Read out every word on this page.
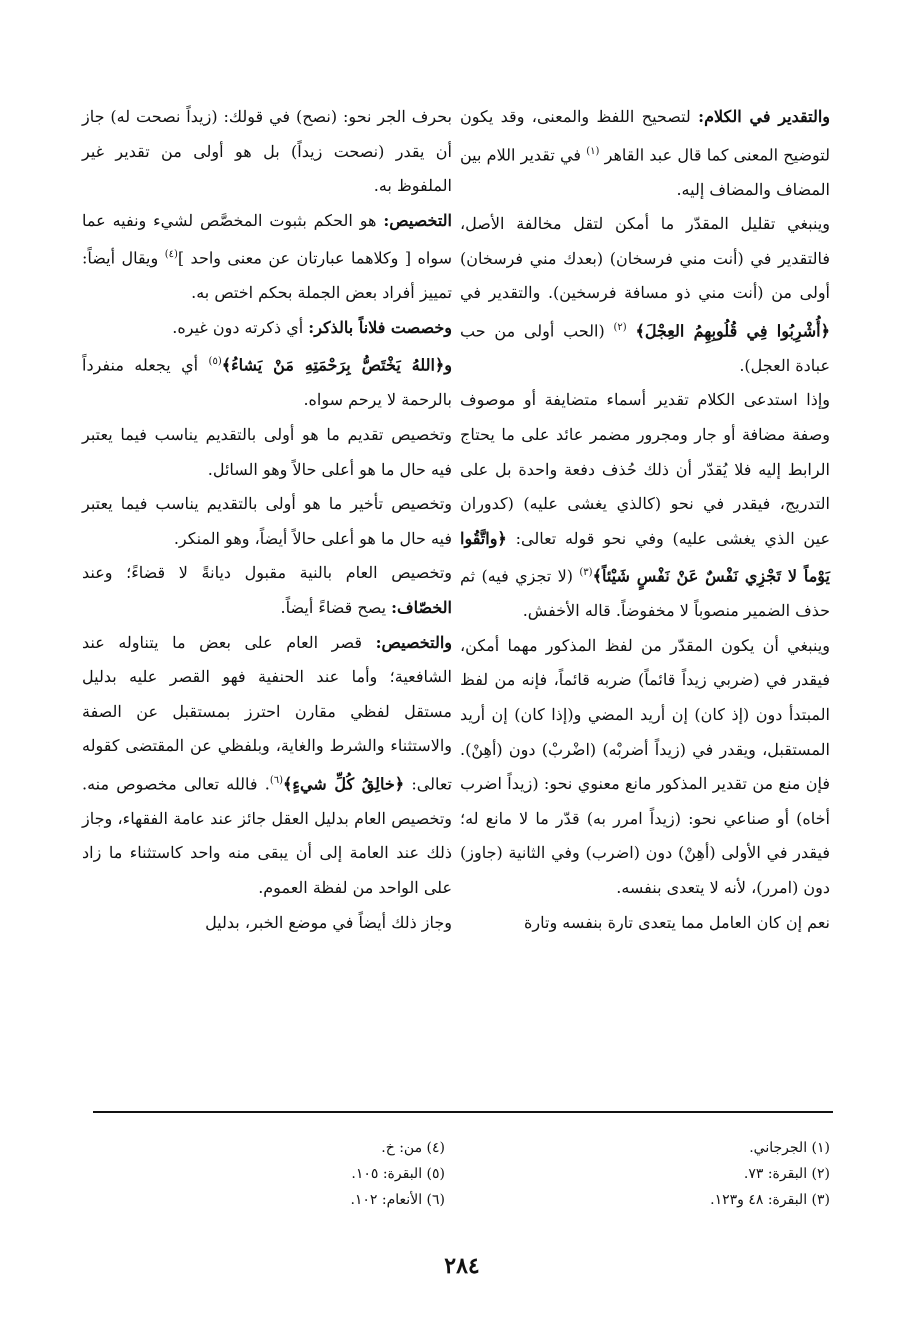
والتقدير في الكلام: لتصحيح اللفظ والمعنى، وقد يكون لتوضيح المعنى كما قال عبد القاهر $^{(١)}$ في تقدير اللام بين المضاف والمضاف إليه.

وينبغي تقليل المقدّر ما أمكن لتقل مخالفة الأصل، فالتقدير في (أنت مني فرسخان) (بعدك مني فرسخان) أولى من (أنت مني ذو مسافة فرسخين). والتقدير في ﴿أُشْرِبُوا فِي قُلُوبِهِمُ العِجْلَ﴾ $^{(٢)}$ (الحب أولى من حب عبادة العجل).

وإذا استدعى الكلام تقدير أسماء متضايفة أو موصوف وصفة مضافة أو جار ومجرور مضمر عائد على ما يحتاج الرابط إليه فلا يُقدّر أن ذلك حُذف دفعة واحدة بل على التدريج، فيقدر في نحو (كالذي يغشى عليه) (كدوران عين الذي يغشى عليه) وفي نحو قوله تعالى: ﴿واتَّقُوا يَوْماً لا تَجْزِي نَفْسٌ عَنْ نَفْسٍ شَيْئاً﴾$^{(٣)}$ (لا تجزي فيه) ثم حذف الضمير منصوباً لا مخفوضاً. قاله الأخفش.

وينبغي أن يكون المقدّر من لفظ المذكور مهما أمكن، فيقدر في (ضربي زيداً قائماً) ضربه قائماً، فإنه من لفظ المبتدأ دون (إذ كان) إن أريد المضي و(إذا كان) إن أريد المستقبل، ويقدر في (زيداً أضربْه) (اضْربْ) دون (أهِنْ). فإن منع من تقدير المذكور مانع معنوي نحو: (زيداً اضرب أخاه) أو صناعي نحو: (زيداً امرر به) قدّر ما لا مانع له؛ فيقدر في الأولى (أهِنْ) دون (اضرب) وفي الثانية (جاوز) دون (امرر)، لأنه لا يتعدى بنفسه.

نعم إن كان العامل مما يتعدى تارة بنفسه وتارة

بحرف الجر نحو: (نصح) في قولك: (زيداً نصحت له) جاز أن يقدر (نصحت زيداً) بل هو أولى من تقدير غير الملفوظ به.

التخصيص: هو الحكم بثبوت المخصَّص لشيء ونفيه عما سواه [ وكلاهما عبارتان عن معنى واحد ]$^{(٤)}$ ويقال أيضاً: تمييز أفراد بعض الجملة بحكم اختص به.

وخصصت فلاناً بالذكر: أي ذكرته دون غيره.

و﴿اللهُ يَخْتَصُّ بِرَحْمَتِهِ مَنْ يَشاءُ﴾$^{(٥)}$ أي يجعله منفرداً بالرحمة لا يرحم سواه.

وتخصيص تقديم ما هو أولى بالتقديم يناسب فيما يعتبر فيه حال ما هو أعلى حالاً وهو السائل.

وتخصيص تأخير ما هو أولى بالتقديم يناسب فيما يعتبر فيه حال ما هو أعلى حالاً أيضاً، وهو المنكر.

وتخصيص العام بالنية مقبول ديانةً لا قضاءً؛ وعند الخصّاف: يصح قضاءً أيضاً.

والتخصيص: قصر العام على بعض ما يتناوله عند الشافعية؛ وأما عند الحنفية فهو القصر عليه بدليل مستقل لفظي مقارن احترز بمستقبل عن الصفة والاستثناء والشرط والغاية، وبلفظي عن المقتضى كقوله تعالى: ﴿خالِقُ كُلِّ شيءٍ﴾$^{(٦)}$. فالله تعالى مخصوص منه. وتخصيص العام بدليل العقل جائز عند عامة الفقهاء، وجاز ذلك عند العامة إلى أن يبقى منه واحد كاستثناء ما زاد على الواحد من لفظة العموم.

وجاز ذلك أيضاً في موضع الخبر، بدليل

(١) الجرجاني.
(٢) البقرة: ٧٣.
(٣) البقرة: ٤٨ و١٢٣.
(٤) من: خ.
(٥) البقرة: ١٠٥.
(٦) الأنعام: ١٠٢.
٢٨٤
